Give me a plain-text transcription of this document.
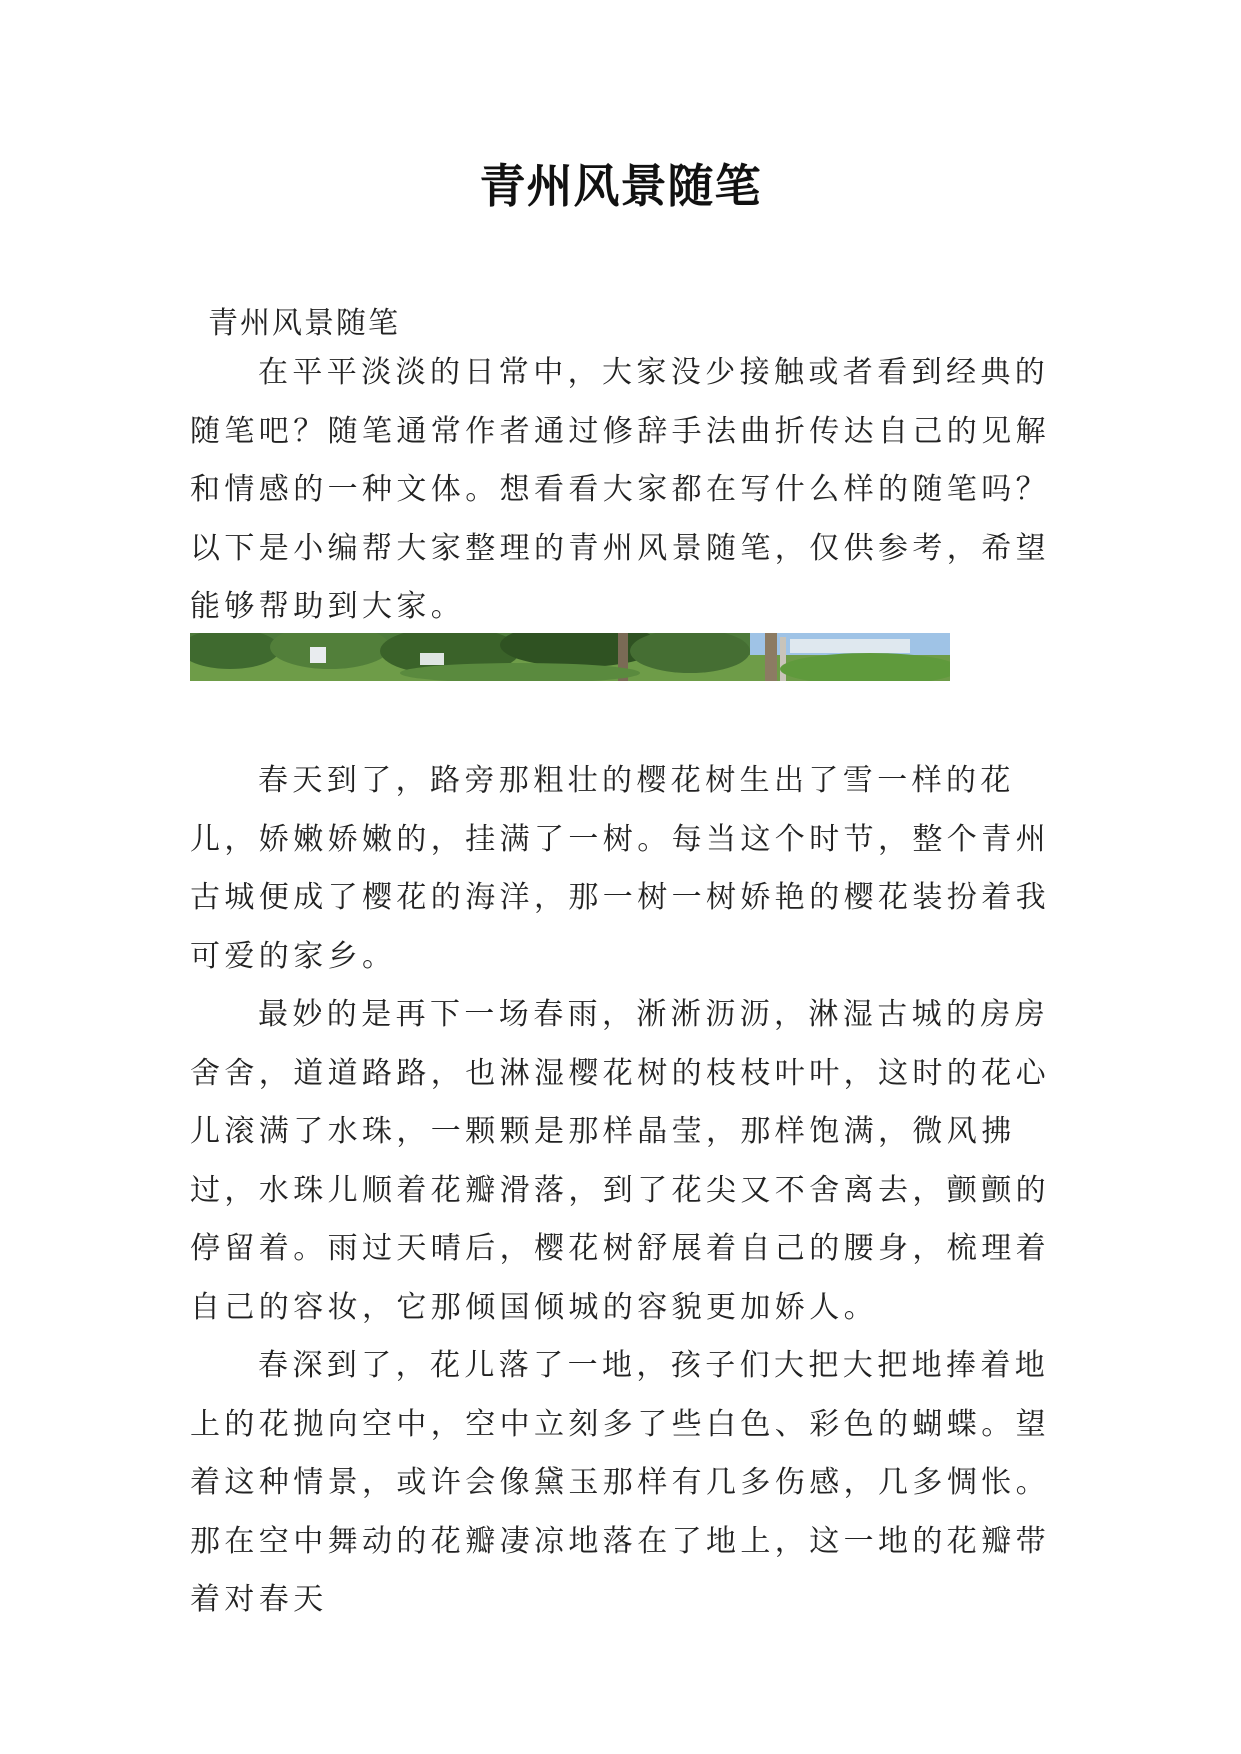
青州风景随笔
青州风景随笔

在平平淡淡的日常中，大家没少接触或者看到经典的随笔吧？随笔通常作者通过修辞手法曲折传达自己的见解和情感的一种文体。想看看大家都在写什么样的随笔吗？以下是小编帮大家整理的青州风景随笔，仅供参考，希望能够帮助到大家。

春天到了，路旁那粗壮的樱花树生出了雪一样的花儿，娇嫩娇嫩的，挂满了一树。每当这个时节，整个青州古城便成了樱花的海洋，那一树一树娇艳的樱花装扮着我可爱的家乡。

最妙的是再下一场春雨，淅淅沥沥，淋湿古城的房房舍舍，道道路路，也淋湿樱花树的枝枝叶叶，这时的花心儿滚满了水珠，一颗颗是那样晶莹，那样饱满，微风拂过，水珠儿顺着花瓣滑落，到了花尖又不舍离去，颤颤的停留着。雨过天晴后，樱花树舒展着自己的腰身，梳理着自己的容妆，它那倾国倾城的容貌更加娇人。

春深到了，花儿落了一地，孩子们大把大把地捧着地上的花抛向空中，空中立刻多了些白色、彩色的蝴蝶。望着这种情景，或许会像黛玉那样有几多伤感，几多惆怅。那在空中舞动的花瓣凄凉地落在了地上，这一地的花瓣带着对春天
